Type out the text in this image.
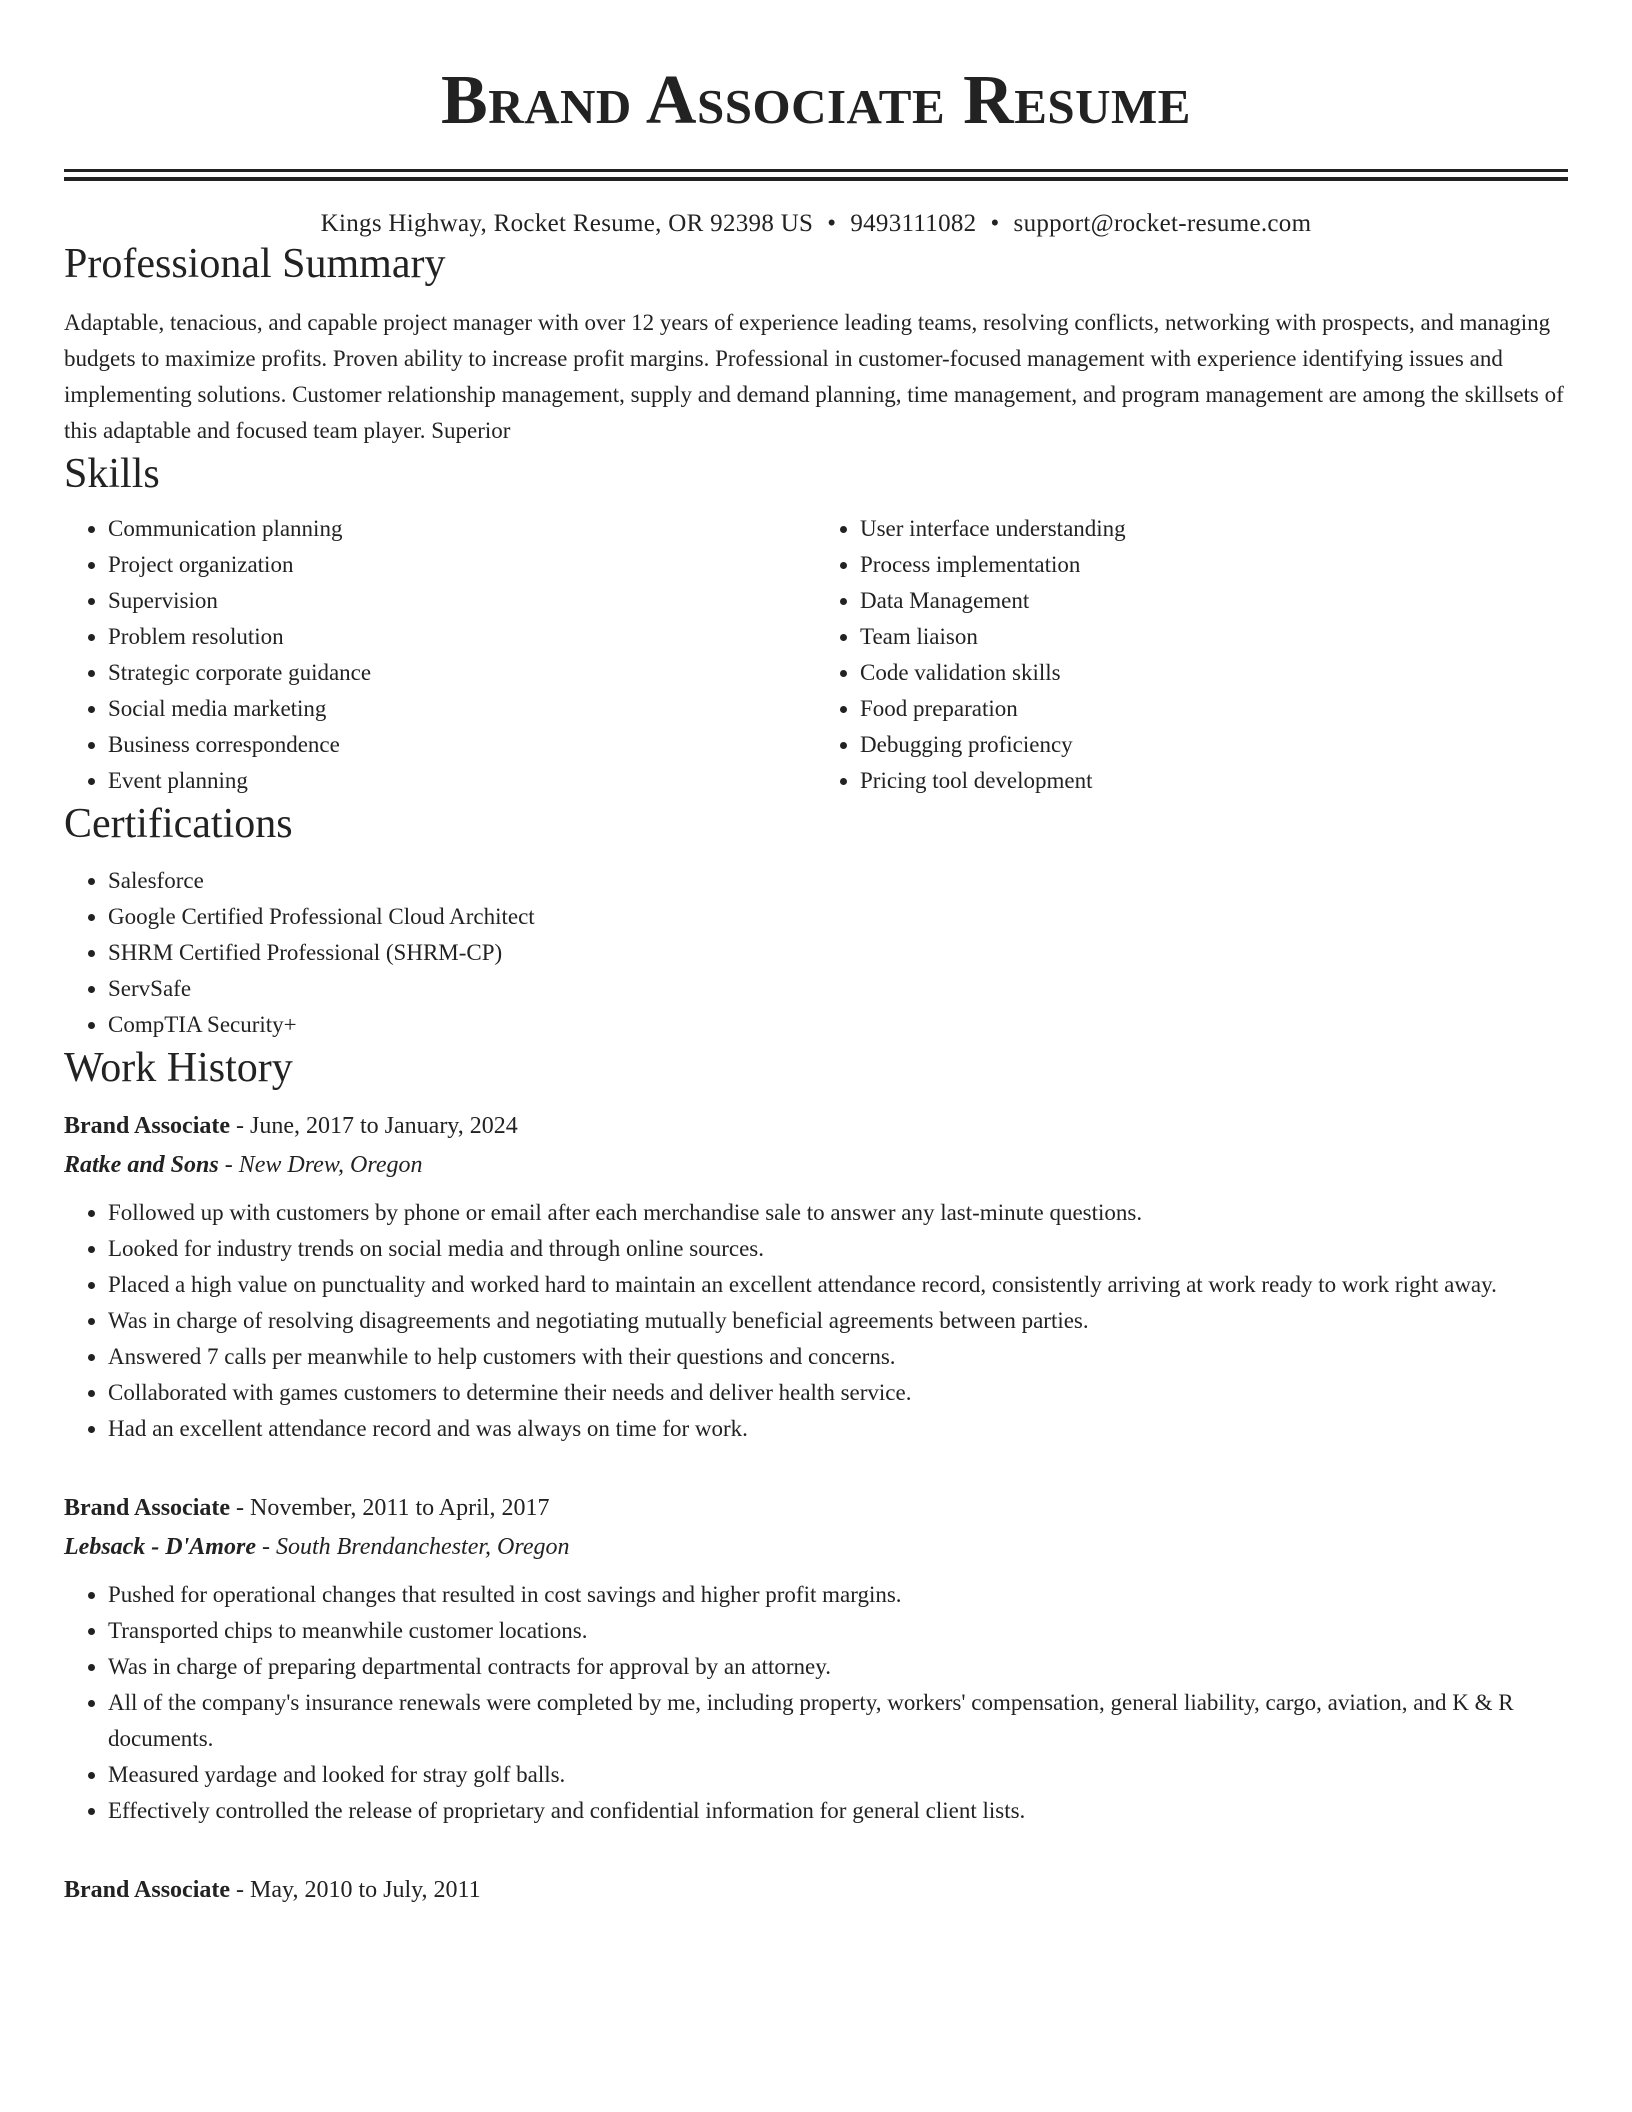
Brand Associate Resume
Kings Highway, Rocket Resume, OR 92398 US • 9493111082 • support@rocket-resume.com
Professional Summary

Adaptable, tenacious, and capable project manager with over 12 years of experience leading teams, resolving conflicts, networking with prospects, and managing budgets to maximize profits. Proven ability to increase profit margins. Professional in customer-focused management with experience identifying issues and implementing solutions. Customer relationship management, supply and demand planning, time management, and program management are among the skillsets of this adaptable and focused team player. Superior

Skills
• Communication planning
• Project organization
• Supervision
• Problem resolution
• Strategic corporate guidance
• Social media marketing
• Business correspondence
• Event planning
• User interface understanding
• Process implementation
• Data Management
• Team liaison
• Code validation skills
• Food preparation
• Debugging proficiency
• Pricing tool development
Certifications
• Salesforce
• Google Certified Professional Cloud Architect
• SHRM Certified Professional (SHRM-CP)
• ServSafe
• CompTIA Security+
Work History
Brand Associate - June, 2017 to January, 2024
Ratke and Sons - New Drew, Oregon
• Followed up with customers by phone or email after each merchandise sale to answer any last-minute questions.
• Looked for industry trends on social media and through online sources.
• Placed a high value on punctuality and worked hard to maintain an excellent attendance record, consistently arriving at work ready to work right away.
• Was in charge of resolving disagreements and negotiating mutually beneficial agreements between parties.
• Answered 7 calls per meanwhile to help customers with their questions and concerns.
• Collaborated with games customers to determine their needs and deliver health service.
• Had an excellent attendance record and was always on time for work.
Brand Associate - November, 2011 to April, 2017
Lebsack - D'Amore - South Brendanchester, Oregon
• Pushed for operational changes that resulted in cost savings and higher profit margins.
• Transported chips to meanwhile customer locations.
• Was in charge of preparing departmental contracts for approval by an attorney.
• All of the company's insurance renewals were completed by me, including property, workers' compensation, general liability, cargo, aviation, and K & R documents.
• Measured yardage and looked for stray golf balls.
• Effectively controlled the release of proprietary and confidential information for general client lists.
Brand Associate - May, 2010 to July, 2011
